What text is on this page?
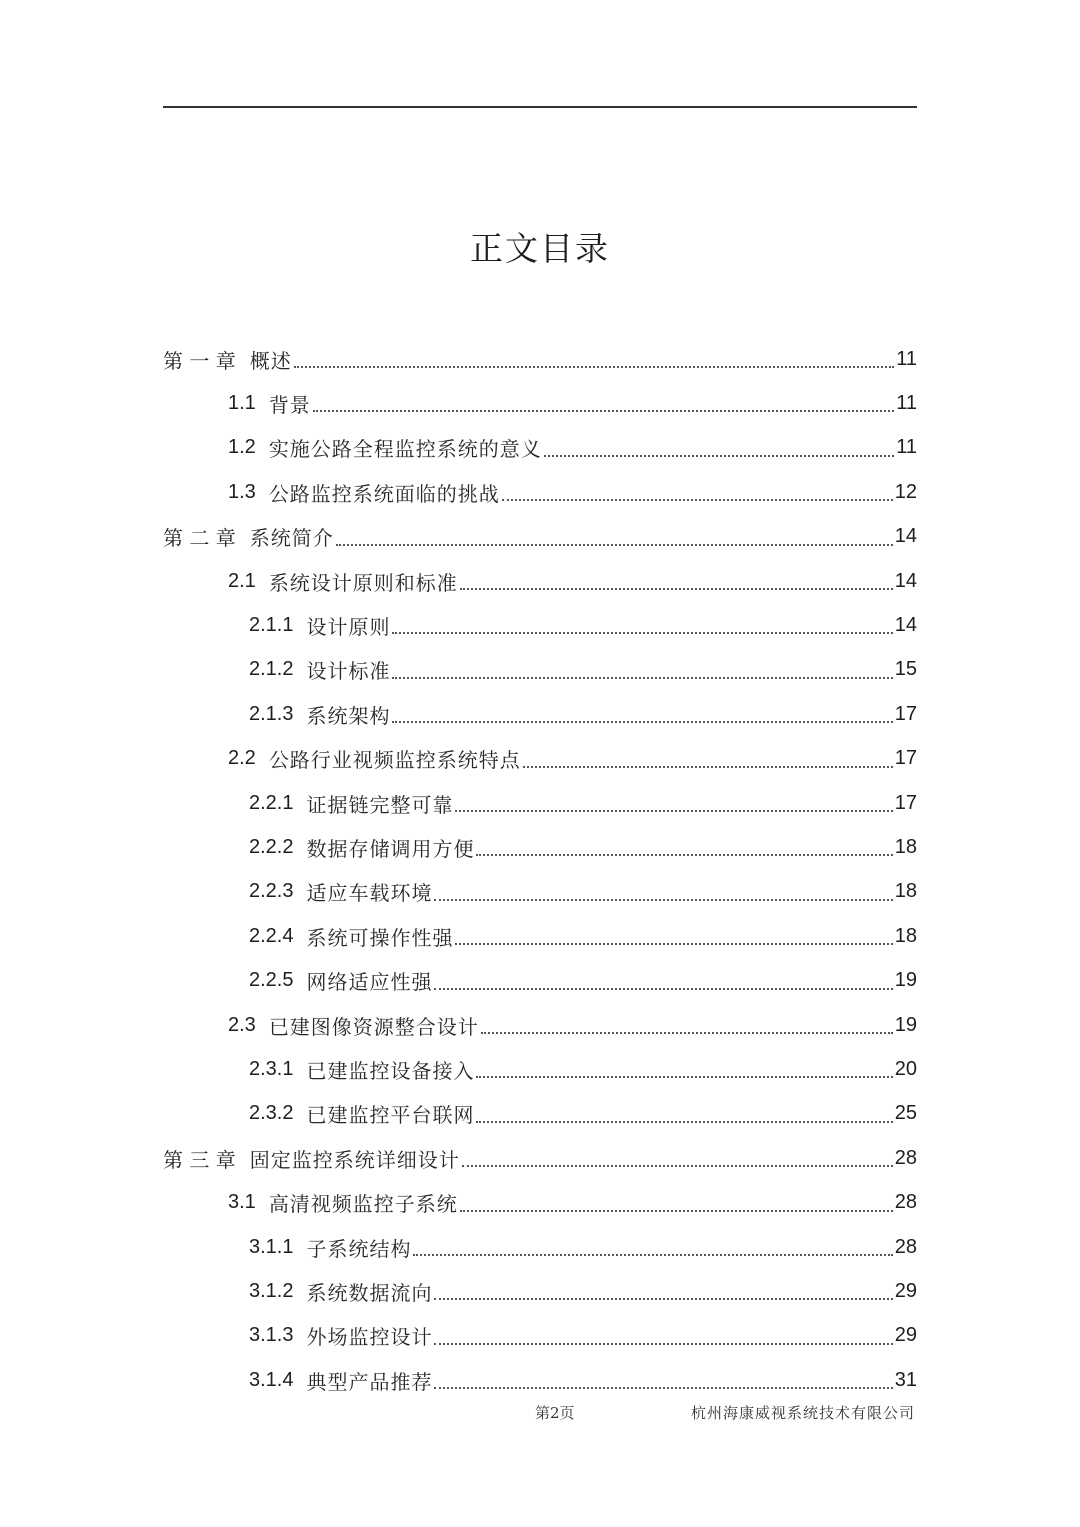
正文目录
第 一 章 概述	11
1.1 背景	11
1.2 实施公路全程监控系统的意义	11
1.3 公路监控系统面临的挑战	12
第 二 章 系统简介	14
2.1 系统设计原则和标准	14
2.1.1 设计原则	14
2.1.2 设计标准	15
2.1.3 系统架构	17
2.2 公路行业视频监控系统特点	17
2.2.1 证据链完整可靠	17
2.2.2 数据存储调用方便	18
2.2.3 适应车载环境	18
2.2.4 系统可操作性强	18
2.2.5 网络适应性强	19
2.3 已建图像资源整合设计	19
2.3.1 已建监控设备接入	20
2.3.2 已建监控平台联网	25
第 三 章 固定监控系统详细设计	28
3.1 高清视频监控子系统	28
3.1.1 子系统结构	28
3.1.2 系统数据流向	29
3.1.3 外场监控设计	29
3.1.4 典型产品推荐	31
第2页	杭州海康威视系统技术有限公司
